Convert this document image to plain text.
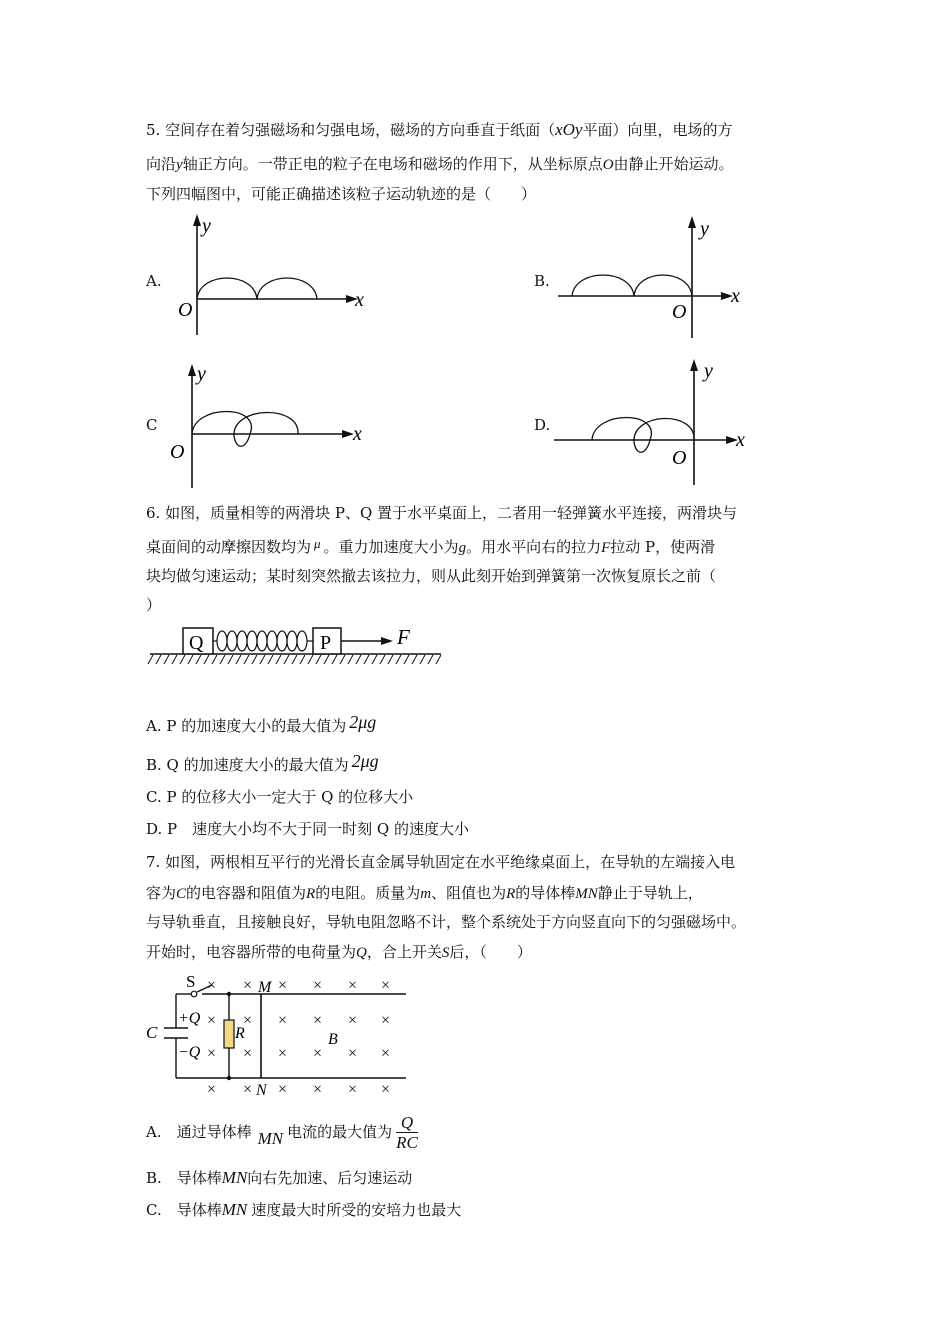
5. 空间存在着匀强磁场和匀强电场，磁场的方向垂直于纸面（xOy平面）向里，电场的方
向沿y轴正方向。一带正电的粒子在电场和磁场的作用下，从坐标原点O由静止开始运动。
下列四幅图中，可能正确描述该粒子运动轨迹的是（　　）
A.	B.
C	D.
y
x
O
y
x
O
y
x
O
y
x
O
6. 如图，质量相等的两滑块 P、Q 置于水平桌面上，二者用一轻弹簧水平连接，两滑块与
桌面间的动摩擦因数均为 μ 。重力加速度大小为g。用水平向右的拉力F拉动 P，使两滑
块均做匀速运动；某时刻突然撤去该拉力，则从此刻开始到弹簧第一次恢复原长之前（
）
Q	P	F
A. P 的加速度大小的最大值为 2μg
B. Q 的加速度大小的最大值为 2μg
C. P 的位移大小一定大于 Q 的位移大小
D. P　速度大小均不大于同一时刻 Q 的速度大小
7. 如图，两根相互平行的光滑长直金属导轨固定在水平绝缘桌面上，在导轨的左端接入电
容为C的电容器和阻值为R的电阻。质量为m、阻值也为R的导体棒MN静止于导轨上，
与导轨垂直，且接触良好，导轨电阻忽略不计，整个系统处于方向竖直向下的匀强磁场中。
开始时，电容器所带的电荷量为Q，合上开关S后，（　　）
S
C
+Q
−Q
R
M
N
B
× × × × × ×
× × × × × ×
× × × × × ×
× × × × × ×
A.　通过导体棒 MN 电流的最大值为 $\frac{Q}{RC}$
B.　导体棒MN向右先加速、后匀速运动
C.　导体棒MN 速度最大时所受的安培力也最大
